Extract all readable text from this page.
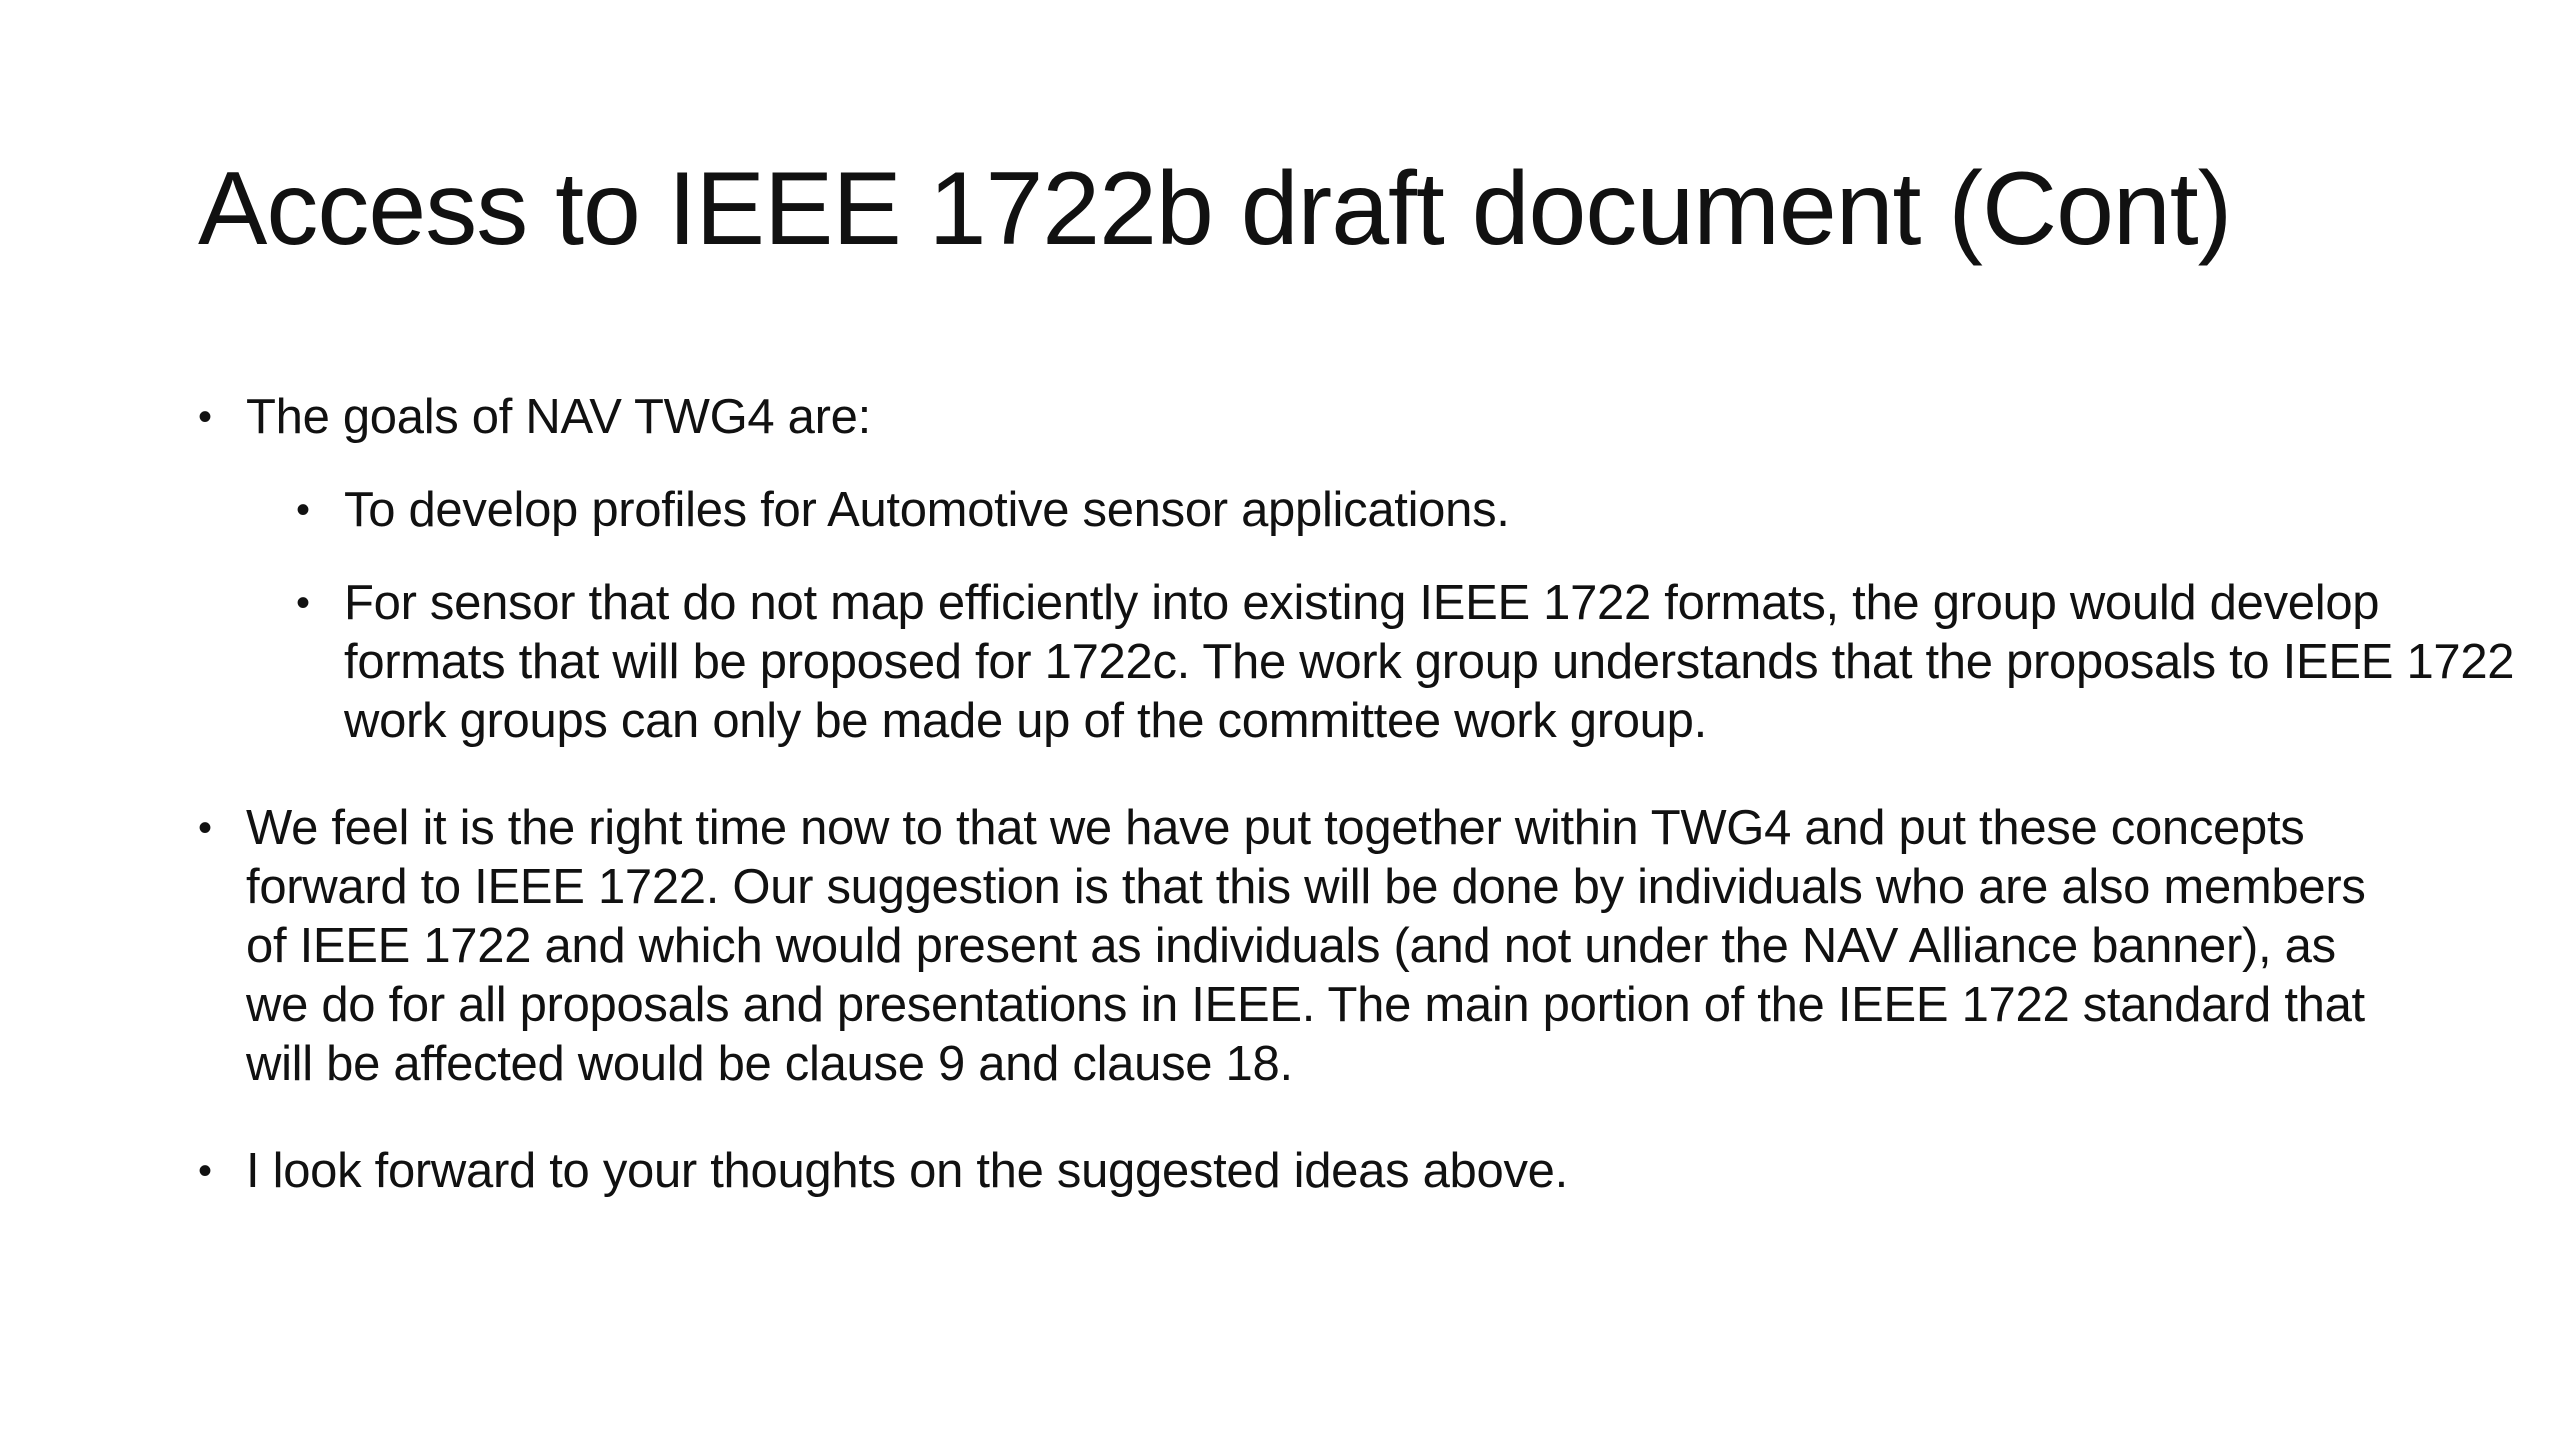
Access to IEEE 1722b draft document (Cont)
• The goals of NAV TWG4 are:
• To develop profiles for Automotive sensor applications.
• For sensor that do not map efficiently into existing IEEE 1722 formats, the group would develop formats that will be proposed for 1722c. The work group understands that the proposals to IEEE 1722 work groups can only be made up of the committee work group.
• We feel it is the right time now to that we have put together within TWG4 and put these concepts forward to IEEE 1722. Our suggestion is that this will be done by individuals who are also members of IEEE 1722 and which would present as individuals (and not under the NAV Alliance banner), as we do for all proposals and presentations in IEEE. The main portion of the IEEE 1722 standard that will be affected would be clause 9 and clause 18.
• I look forward to your thoughts on the suggested ideas above.
